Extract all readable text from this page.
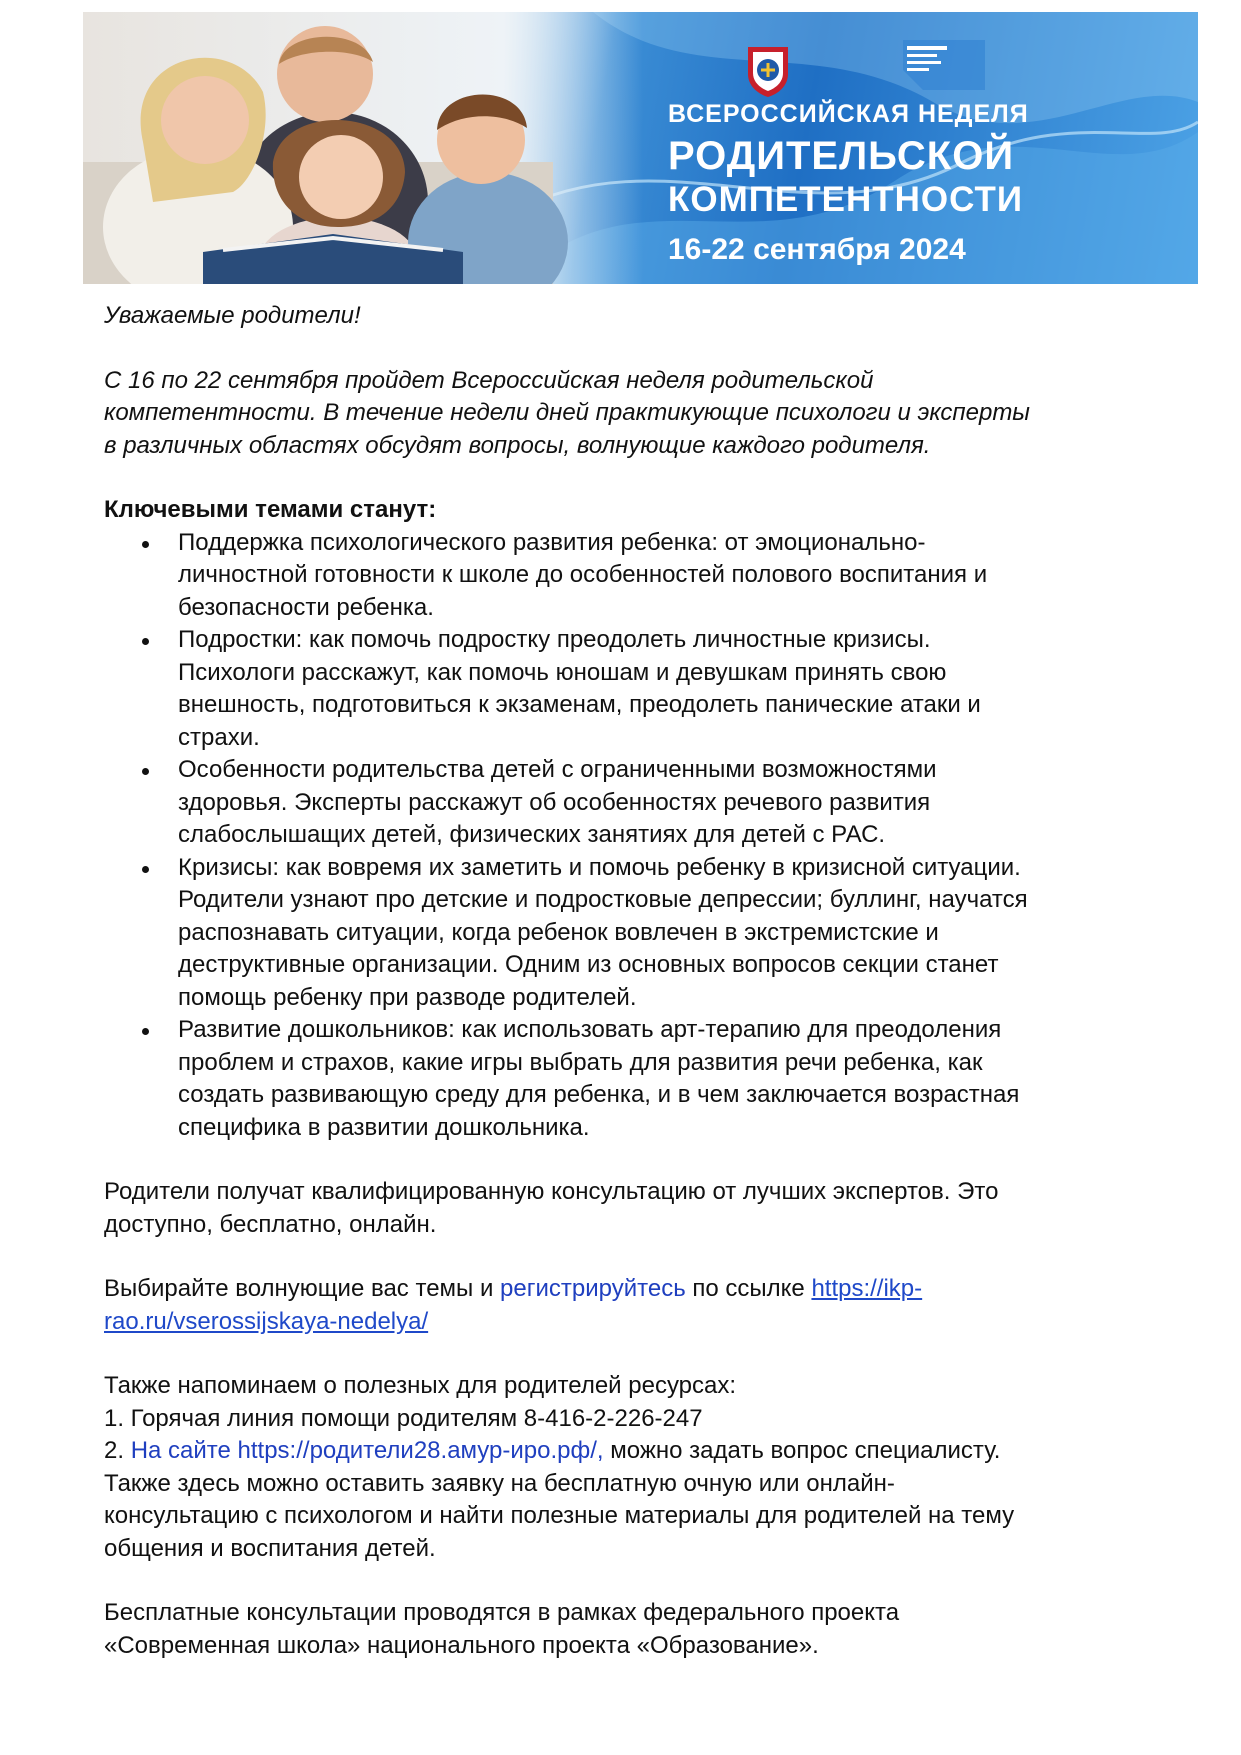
ВСЕРОССИЙСКАЯ НЕДЕЛЯ
РОДИТЕЛЬСКОЙ
КОМПЕТЕНТНОСТИ
16-22 сентября 2024

Уважаемые родители!

С 16 по 22 сентября пройдет Всероссийская неделя родительской
компетентности. В течение недели дней практикующие психологи и эксперты
в различных областях обсудят вопросы, волнующие каждого родителя.

Ключевыми темами станут:

Поддержка психологического развития ребенка: от эмоционально-
личностной готовности к школе до особенностей полового воспитания и
безопасности ребенка.
Подростки: как помочь подростку преодолеть личностные кризисы.
Психологи расскажут, как помочь юношам и девушкам принять свою
внешность, подготовиться к экзаменам, преодолеть панические атаки и
страхи.
Особенности родительства детей с ограниченными возможностями
здоровья. Эксперты расскажут об особенностях речевого развития
слабослышащих детей, физических занятиях для детей с РАС.
Кризисы: как вовремя их заметить и помочь ребенку в кризисной ситуации.
Родители узнают про детские и подростковые депрессии; буллинг, научатся
распознавать ситуации, когда ребенок вовлечен в экстремистские и
деструктивные организации. Одним из основных вопросов секции станет
помощь ребенку при разводе родителей.
Развитие дошкольников: как использовать арт-терапию для преодоления
проблем и страхов, какие игры выбрать для развития речи ребенка, как
создать развивающую среду для ребенка, и в чем заключается возрастная
специфика в развитии дошкольника.

Родители получат квалифицированную консультацию от лучших экспертов. Это
доступно, бесплатно, онлайн.

Выбирайте волнующие вас темы и регистрируйтесь по ссылке https://ikp-
rao.ru/vserossijskaya-nedelya/

Также напоминаем о полезных для родителей ресурсах:
1. Горячая линия помощи родителям 8-416-2-226-247
2. На сайте https://родители28.амур-иро.рф/, можно задать вопрос специалисту.
Также здесь можно оставить заявку на бесплатную очную или онлайн-
консультацию с психологом и найти полезные материалы для родителей на тему
общения и воспитания детей.

Бесплатные консультации проводятся в рамках федерального проекта
«Современная школа» национального проекта «Образование».
